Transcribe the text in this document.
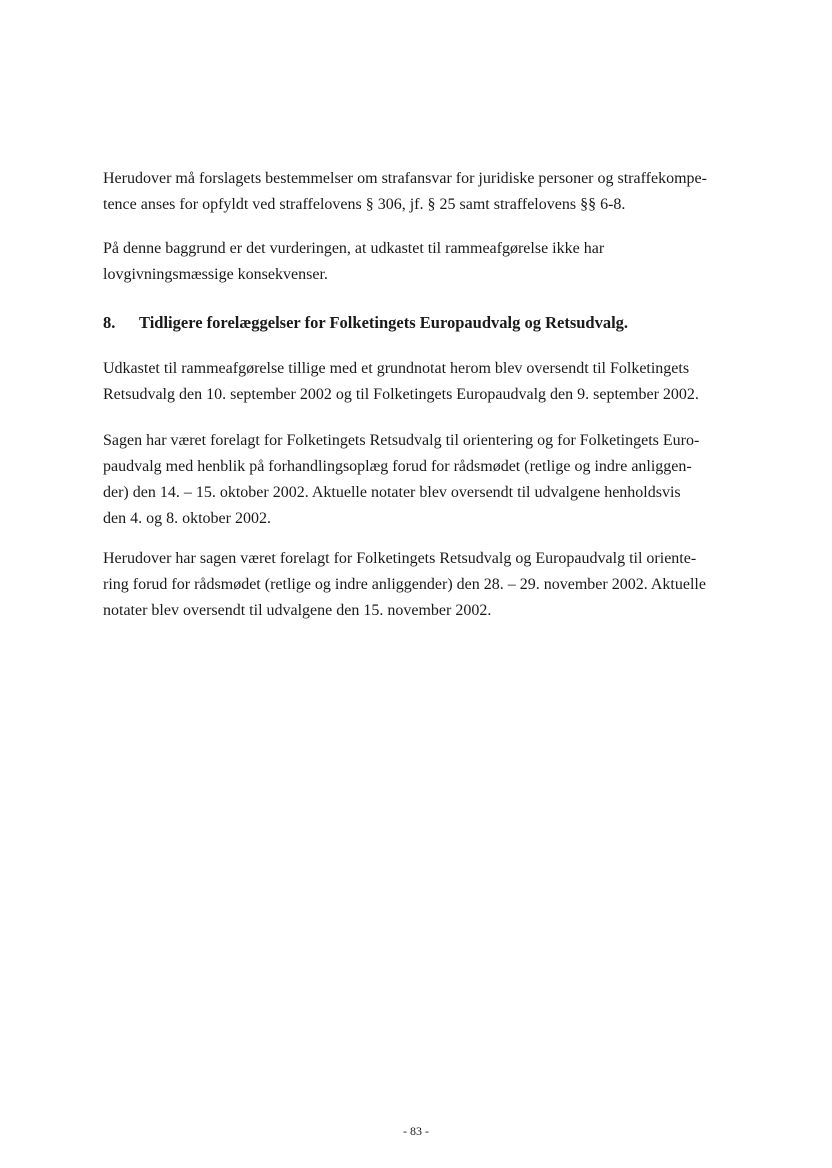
Herudover må forslagets bestemmelser om strafansvar for juridiske personer og straffekompe-
tence anses for opfyldt ved straffelovens § 306, jf. § 25 samt straffelovens §§ 6-8.

På denne baggrund er det vurderingen, at udkastet til rammeafgørelse ikke har
lovgivningsmæssige konsekvenser.

8. Tidligere forelæggelser for Folketingets Europaudvalg og Retsudvalg.

Udkastet til rammeafgørelse tillige med et grundnotat herom blev oversendt til Folketingets
Retsudvalg den 10. september 2002 og til Folketingets Europaudvalg den 9. september 2002.

Sagen har været forelagt for Folketingets Retsudvalg til orientering og for Folketingets Euro-
paudvalg med henblik på forhandlingsoplæg forud for rådsmødet (retlige og indre anliggen-
der) den 14. – 15. oktober 2002. Aktuelle notater blev oversendt til udvalgene henholdsvis
den 4. og 8. oktober 2002.

Herudover har sagen været forelagt for Folketingets Retsudvalg og Europaudvalg til oriente-
ring forud for rådsmødet (retlige og indre anliggender) den 28. – 29. november 2002. Aktuelle
notater blev oversendt til udvalgene den 15. november 2002.

- 83 -
